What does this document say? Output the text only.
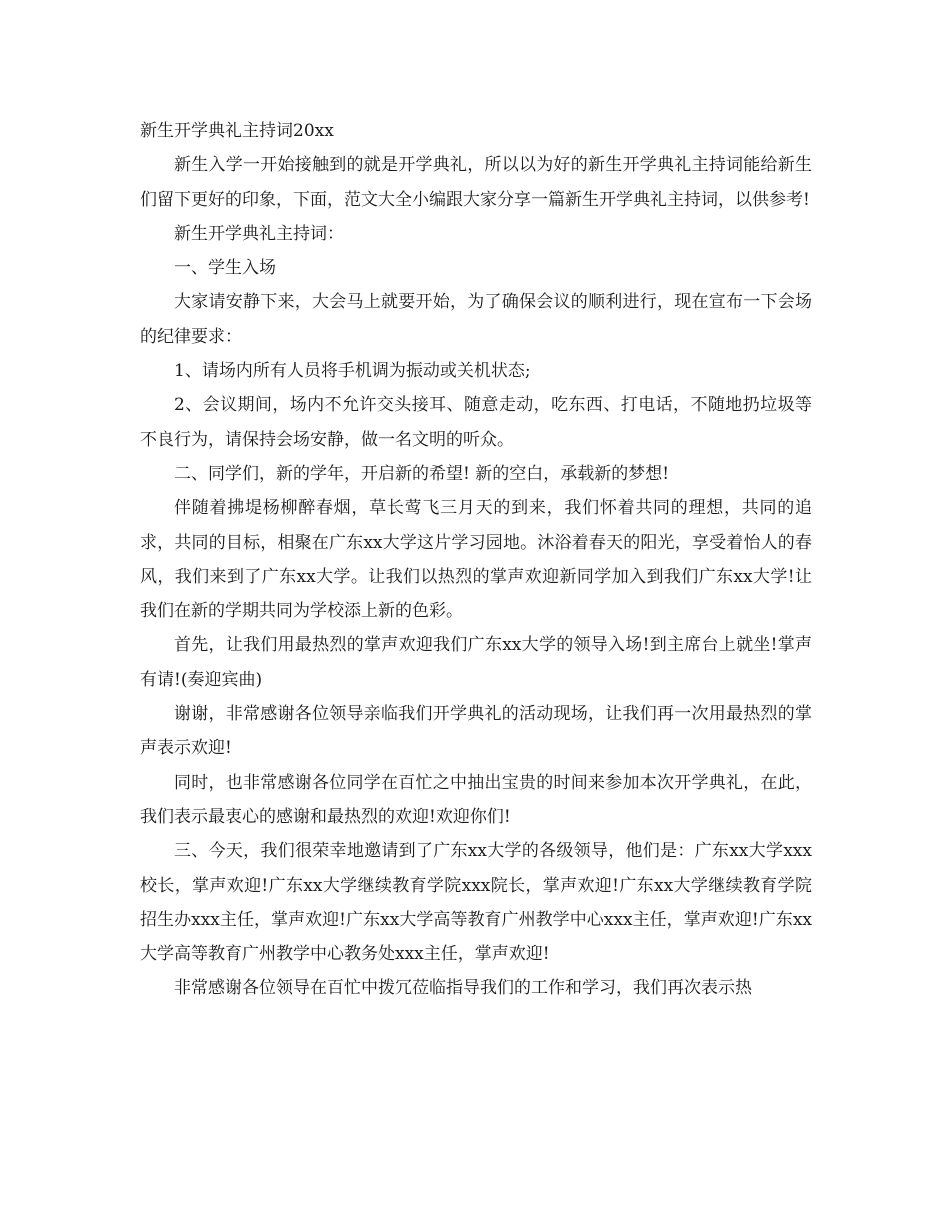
新生开学典礼主持词20xx

新生入学一开始接触到的就是开学典礼，所以以为好的新生开学典礼主持词能给新生们留下更好的印象，下面，范文大全小编跟大家分享一篇新生开学典礼主持词，以供参考!

新生开学典礼主持词：

一、学生入场

大家请安静下来，大会马上就要开始，为了确保会议的顺利进行，现在宣布一下会场的纪律要求：

1、请场内所有人员将手机调为振动或关机状态;

2、会议期间，场内不允许交头接耳、随意走动，吃东西、打电话，不随地扔垃圾等不良行为，请保持会场安静，做一名文明的听众。

二、同学们，新的学年，开启新的希望! 新的空白，承载新的梦想!

伴随着拂堤杨柳醉春烟，草长莺飞三月天的到来，我们怀着共同的理想，共同的追求，共同的目标，相聚在广东xx大学这片学习园地。沐浴着春天的阳光，享受着怡人的春风，我们来到了广东xx大学。让我们以热烈的掌声欢迎新同学加入到我们广东xx大学!让我们在新的学期共同为学校添上新的色彩。

首先，让我们用最热烈的掌声欢迎我们广东xx大学的领导入场!到主席台上就坐!掌声有请!(奏迎宾曲)

谢谢，非常感谢各位领导亲临我们开学典礼的活动现场，让我们再一次用最热烈的掌声表示欢迎!

同时，也非常感谢各位同学在百忙之中抽出宝贵的时间来参加本次开学典礼，在此，我们表示最衷心的感谢和最热烈的欢迎!欢迎你们!

三、今天，我们很荣幸地邀请到了广东xx大学的各级领导，他们是：广东xx大学xxx校长，掌声欢迎!广东xx大学继续教育学院xxx院长，掌声欢迎!广东xx大学继续教育学院招生办xxx主任，掌声欢迎!广东xx大学高等教育广州教学中心xxx主任，掌声欢迎!广东xx大学高等教育广州教学中心教务处xxx主任，掌声欢迎!

非常感谢各位领导在百忙中拨冗莅临指导我们的工作和学习，我们再次表示热
